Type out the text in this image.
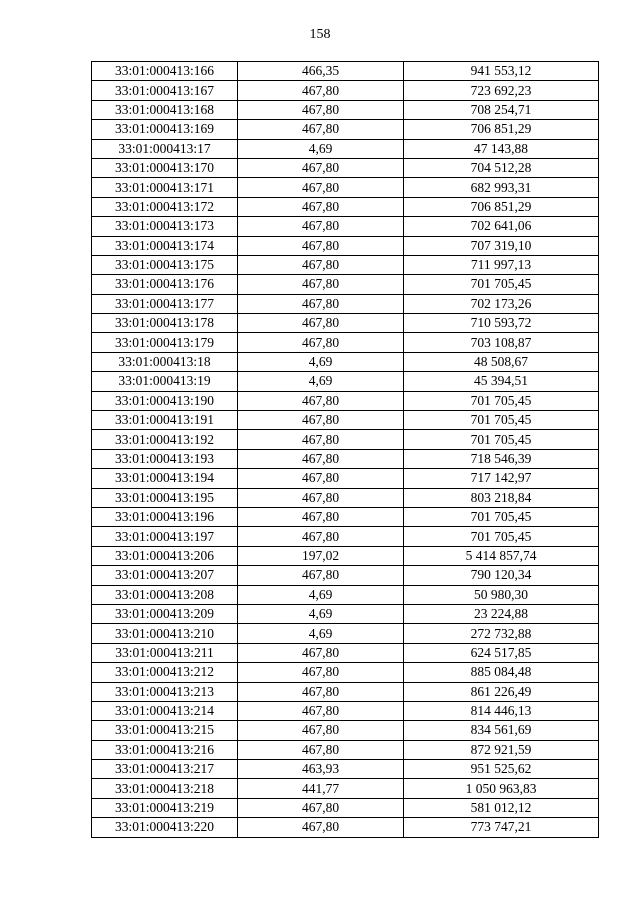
158
33:01:000413:166	466,35	941 553,12
33:01:000413:167	467,80	723 692,23
33:01:000413:168	467,80	708 254,71
33:01:000413:169	467,80	706 851,29
33:01:000413:17	4,69	47 143,88
33:01:000413:170	467,80	704 512,28
33:01:000413:171	467,80	682 993,31
33:01:000413:172	467,80	706 851,29
33:01:000413:173	467,80	702 641,06
33:01:000413:174	467,80	707 319,10
33:01:000413:175	467,80	711 997,13
33:01:000413:176	467,80	701 705,45
33:01:000413:177	467,80	702 173,26
33:01:000413:178	467,80	710 593,72
33:01:000413:179	467,80	703 108,87
33:01:000413:18	4,69	48 508,67
33:01:000413:19	4,69	45 394,51
33:01:000413:190	467,80	701 705,45
33:01:000413:191	467,80	701 705,45
33:01:000413:192	467,80	701 705,45
33:01:000413:193	467,80	718 546,39
33:01:000413:194	467,80	717 142,97
33:01:000413:195	467,80	803 218,84
33:01:000413:196	467,80	701 705,45
33:01:000413:197	467,80	701 705,45
33:01:000413:206	197,02	5 414 857,74
33:01:000413:207	467,80	790 120,34
33:01:000413:208	4,69	50 980,30
33:01:000413:209	4,69	23 224,88
33:01:000413:210	4,69	272 732,88
33:01:000413:211	467,80	624 517,85
33:01:000413:212	467,80	885 084,48
33:01:000413:213	467,80	861 226,49
33:01:000413:214	467,80	814 446,13
33:01:000413:215	467,80	834 561,69
33:01:000413:216	467,80	872 921,59
33:01:000413:217	463,93	951 525,62
33:01:000413:218	441,77	1 050 963,83
33:01:000413:219	467,80	581 012,12
33:01:000413:220	467,80	773 747,21
